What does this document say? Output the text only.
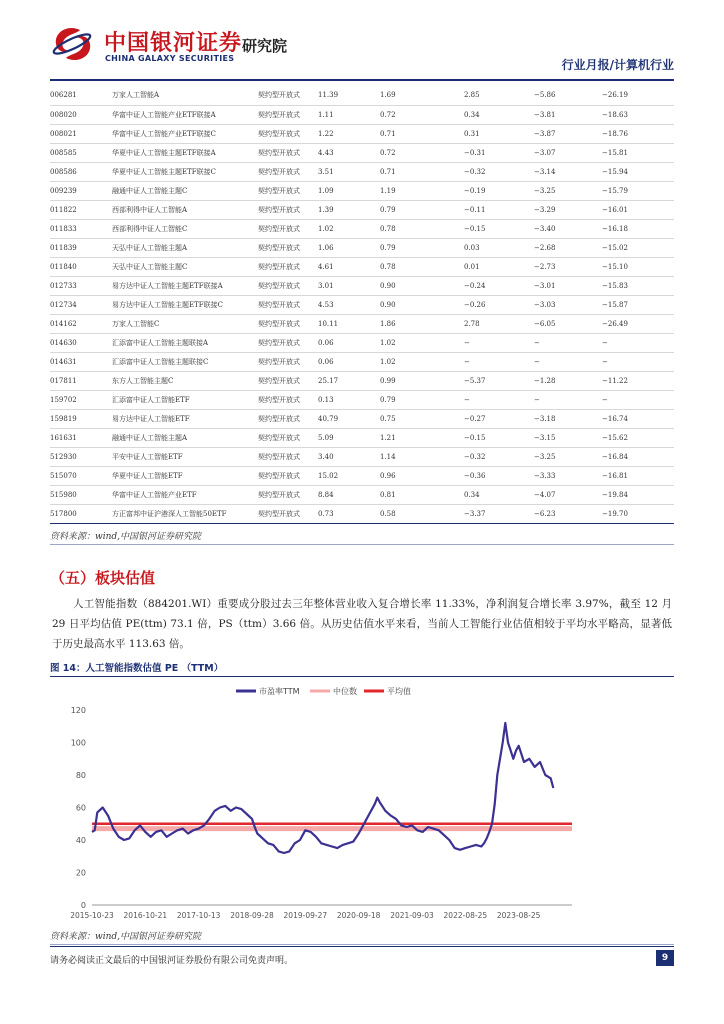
中国银河证券
CHINA GALAXY SECURITIES
研究院
行业月报/计算机行业
006281	万家人工智能A	契约型开放式	11.39	1.69	2.85	−5.86	−26.19
008020	华富中证人工智能产业ETF联接A	契约型开放式	1.11	0.72	0.34	−3.81	−18.63
008021	华富中证人工智能产业ETF联接C	契约型开放式	1.22	0.71	0.31	−3.87	−18.76
008585	华夏中证人工智能主题ETF联接A	契约型开放式	4.43	0.72	−0.31	−3.07	−15.81
008586	华夏中证人工智能主题ETF联接C	契约型开放式	3.51	0.71	−0.32	−3.14	−15.94
009239	融通中证人工智能主题C	契约型开放式	1.09	1.19	−0.19	−3.25	−15.79
011822	西部利得中证人工智能A	契约型开放式	1.39	0.79	−0.11	−3.29	−16.01
011833	西部利得中证人工智能C	契约型开放式	1.02	0.78	−0.15	−3.40	−16.18
011839	天弘中证人工智能主题A	契约型开放式	1.06	0.79	0.03	−2.68	−15.02
011840	天弘中证人工智能主题C	契约型开放式	4.61	0.78	0.01	−2.73	−15.10
012733	易方达中证人工智能主题ETF联接A	契约型开放式	3.01	0.90	−0.24	−3.01	−15.83
012734	易方达中证人工智能主题ETF联接C	契约型开放式	4.53	0.90	−0.26	−3.03	−15.87
014162	万家人工智能C	契约型开放式	10.11	1.86	2.78	−6.05	−26.49
014630	汇添富中证人工智能主题联接A	契约型开放式	0.06	1.02	−	−	−
014631	汇添富中证人工智能主题联接C	契约型开放式	0.06	1.02	−	−	−
017811	东方人工智能主题C	契约型开放式	25.17	0.99	−5.37	−1.28	−11.22
159702	汇添富中证人工智能ETF	契约型开放式	0.13	0.79	−	−	−
159819	易方达中证人工智能ETF	契约型开放式	40.79	0.75	−0.27	−3.18	−16.74
161631	融通中证人工智能主题A	契约型开放式	5.09	1.21	−0.15	−3.15	−15.62
512930	平安中证人工智能ETF	契约型开放式	3.40	1.14	−0.32	−3.25	−16.84
515070	华夏中证人工智能ETF	契约型开放式	15.02	0.96	−0.36	−3.33	−16.81
515980	华富中证人工智能产业ETF	契约型开放式	8.84	0.81	0.34	−4.07	−19.84
517800	方正富邦中证沪港深人工智能50ETF	契约型开放式	0.73	0.58	−3.37	−6.23	−19.70
资料来源：wind,中国银河证券研究院
（五）板块估值
人工智能指数（884201.WI）重要成分股过去三年整体营业收入复合增长率 11.33%，净利润复合增长率 3.97%，截至 12 月 29 日平均估值 PE(ttm) 73.1 倍，PS（ttm）3.66 倍。从历史估值水平来看，当前人工智能行业估值相较于平均水平略高，显著低于历史最高水平 113.63 倍。
图 14：人工智能指数估值 PE （TTM）
市盈率TTM	中位数	平均值
0
20
40
60
80
100
120
2015-10-23 2016-10-21 2017-10-13 2018-09-28 2019-09-27 2020-09-18 2021-09-03 2022-08-25 2023-08-25
资料来源：wind,中国银河证券研究院
请务必阅读正文最后的中国银河证券股份有限公司免责声明。	9
